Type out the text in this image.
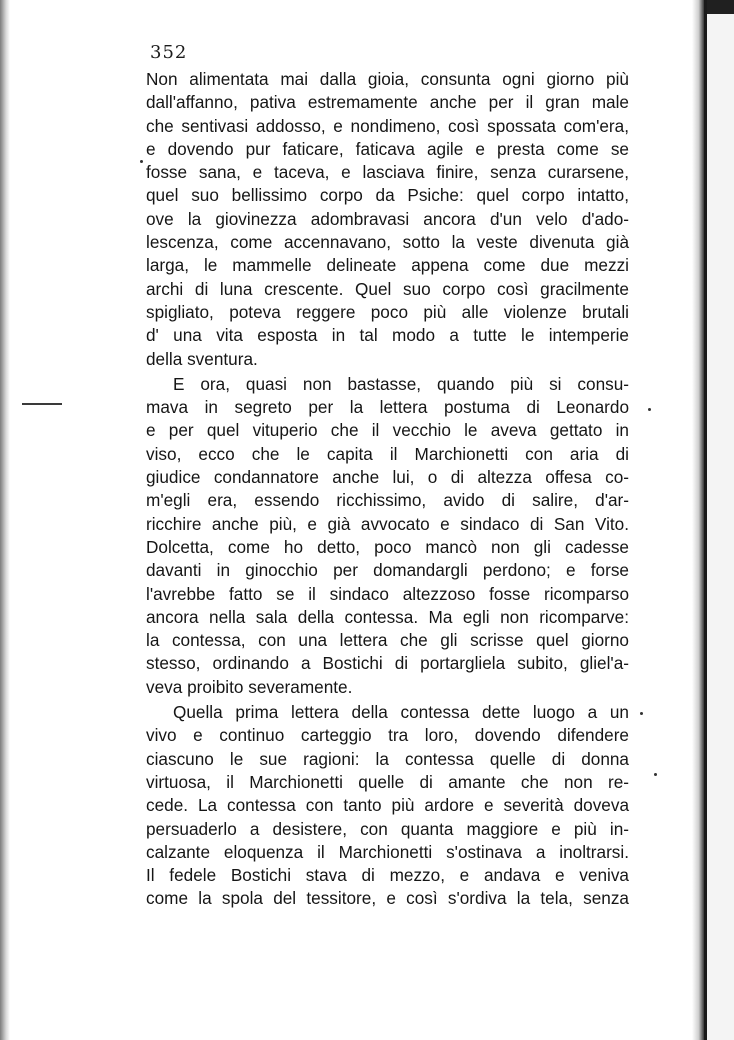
352
Non alimentata mai dalla gioia, consunta ogni giorno più
dall'affanno, pativa estremamente anche per il gran male
che sentivasi addosso, e nondimeno, così spossata com'era,
e dovendo pur faticare, faticava agile e presta come se
fosse sana, e taceva, e lasciava finire, senza curarsene,
quel suo bellissimo corpo da Psiche: quel corpo intatto,
ove la giovinezza adombravasi ancora d'un velo d'ado-
lescenza, come accennavano, sotto la veste divenuta già
larga, le mammelle delineate appena come due mezzi
archi di luna crescente. Quel suo corpo così gracilmente
spigliato, poteva reggere poco più alle violenze brutali
d' una vita esposta in tal modo a tutte le intemperie
della sventura.
E ora, quasi non bastasse, quando più si consu-
mava in segreto per la lettera postuma di Leonardo
e per quel vituperio che il vecchio le aveva gettato in
viso, ecco che le capita il Marchionetti con aria di
giudice condannatore anche lui, o di altezza offesa co-
m'egli era, essendo ricchissimo, avido di salire, d'ar-
ricchire anche più, e già avvocato e sindaco di San Vito.
Dolcetta, come ho detto, poco mancò non gli cadesse
davanti in ginocchio per domandargli perdono; e forse
l'avrebbe fatto se il sindaco altezzoso fosse ricomparso
ancora nella sala della contessa. Ma egli non ricomparve:
la contessa, con una lettera che gli scrisse quel giorno
stesso, ordinando a Bostichi di portargliela subito, gliel'a-
veva proibito severamente.
Quella prima lettera della contessa dette luogo a un
vivo e continuo carteggio tra loro, dovendo difendere
ciascuno le sue ragioni: la contessa quelle di donna
virtuosa, il Marchionetti quelle di amante che non re-
cede. La contessa con tanto più ardore e severità doveva
persuaderlo a desistere, con quanta maggiore e più in-
calzante eloquenza il Marchionetti s'ostinava a inoltrarsi.
Il fedele Bostichi stava di mezzo, e andava e veniva
come la spola del tessitore, e così s'ordiva la tela, senza
